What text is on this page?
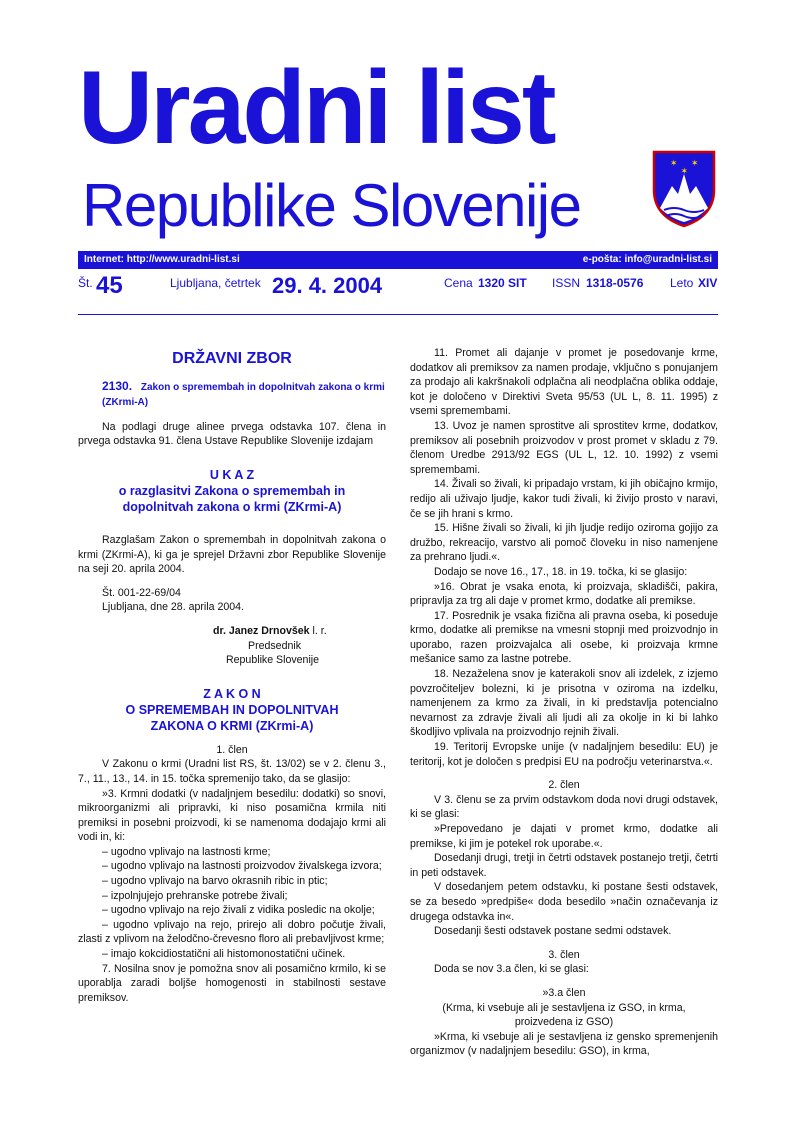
Uradni list
Republike Slovenije
✶ ✶
✶
Internet: http://www.uradni-list.si	e-pošta: info@uradni-list.si
Št. 45	Ljubljana, četrtek 29. 4. 2004	Cena 1320 SIT ISSN 1318-0576 Leto XIV
DRŽAVNI ZBOR

2130. Zakon o spremembah in dopolnitvah zakona o krmi (ZKrmi-A)

Na podlagi druge alinee prvega odstavka 107. člena in prvega odstavka 91. člena Ustave Republike Slovenije izdajam

U K A Z

o razglasitvi Zakona o spremembah in dopolnitvah zakona o krmi (ZKrmi-A)

Razglašam Zakon o spremembah in dopolnitvah zakona o krmi (ZKrmi-A), ki ga je sprejel Državni zbor Republike Slovenije na seji 20. aprila 2004.

Št. 001-22-69/04

Ljubljana, dne 28. aprila 2004.

dr. Janez Drnovšek l. r.

Predsednik

Republike Slovenije

Z A K O N

O SPREMEMBAH IN DOPOLNITVAH ZAKONA O KRMI (ZKrmi-A)

1. člen

V Zakonu o krmi (Uradni list RS, št. 13/02) se v 2. členu 3., 7., 11., 13., 14. in 15. točka spremenijo tako, da se glasijo:

»3. Krmni dodatki (v nadaljnjem besedilu: dodatki) so snovi, mikroorganizmi ali pripravki, ki niso posamična krmila niti premiksi in posebni proizvodi, ki se namenoma dodajajo krmi ali vodi in, ki:

– ugodno vplivajo na lastnosti krme;

– ugodno vplivajo na lastnosti proizvodov živalskega izvora;

– ugodno vplivajo na barvo okrasnih ribic in ptic;

– izpolnjujejo prehranske potrebe živali;

– ugodno vplivajo na rejo živali z vidika posledic na okolje;

– ugodno vplivajo na rejo, prirejo ali dobro počutje živali, zlasti z vplivom na želodčno-črevesno floro ali prebavljivost krme;

– imajo kokcidiostatični ali histomonostatični učinek.

7. Nosilna snov je pomožna snov ali posamično krmilo, ki se uporablja zaradi boljše homogenosti in stabilnosti sestave premiksov.

11. Promet ali dajanje v promet je posedovanje krme, dodatkov ali premiksov za namen prodaje, vključno s ponujanjem za prodajo ali kakršnakoli odplačna ali neodplačna oblika oddaje, kot je določeno v Direktivi Sveta 95/53 (UL L, 8. 11. 1995) z vsemi spremembami.

13. Uvoz je namen sprostitve ali sprostitev krme, dodatkov, premiksov ali posebnih proizvodov v prost promet v skladu z 79. členom Uredbe 2913/92 EGS (UL L, 12. 10. 1992) z vsemi spremembami.

14. Živali so živali, ki pripadajo vrstam, ki jih običajno krmijo, redijo ali uživajo ljudje, kakor tudi živali, ki živijo prosto v naravi, če se jih hrani s krmo.

15. Hišne živali so živali, ki jih ljudje redijo oziroma gojijo za družbo, rekreacijo, varstvo ali pomoč človeku in niso namenjene za prehrano ljudi.«.

Dodajo se nove 16., 17., 18. in 19. točka, ki se glasijo:

»16. Obrat je vsaka enota, ki proizvaja, skladišči, pakira, pripravlja za trg ali daje v promet krmo, dodatke ali premikse.

17. Posrednik je vsaka fizična ali pravna oseba, ki poseduje krmo, dodatke ali premikse na vmesni stopnji med proizvodnjo in uporabo, razen proizvajalca ali osebe, ki proizvaja krmne mešanice samo za lastne potrebe.

18. Nezaželena snov je katerakoli snov ali izdelek, z izjemo povzročiteljev bolezni, ki je prisotna v oziroma na izdelku, namenjenem za krmo za živali, in ki predstavlja potencialno nevarnost za zdravje živali ali ljudi ali za okolje in ki bi lahko škodljivo vplivala na proizvodnjo rejnih živali.

19. Teritorij Evropske unije (v nadaljnjem besedilu: EU) je teritorij, kot je določen s predpisi EU na področju veterinarstva.«.

2. člen

V 3. členu se za prvim odstavkom doda novi drugi odstavek, ki se glasi:

»Prepovedano je dajati v promet krmo, dodatke ali premikse, ki jim je potekel rok uporabe.«.

Dosedanji drugi, tretji in četrti odstavek postanejo tretji, četrti in peti odstavek.

V dosedanjem petem odstavku, ki postane šesti odstavek, se za besedo »predpiše« doda besedilo »način označevanja iz drugega odstavka in«.

Dosedanji šesti odstavek postane sedmi odstavek.

3. člen

Doda se nov 3.a člen, ki se glasi:

»3.a člen

(Krma, ki vsebuje ali je sestavljena iz GSO, in krma, proizvedena iz GSO)

»Krma, ki vsebuje ali je sestavljena iz gensko spremenjenih organizmov (v nadaljnjem besedilu: GSO), in krma,
